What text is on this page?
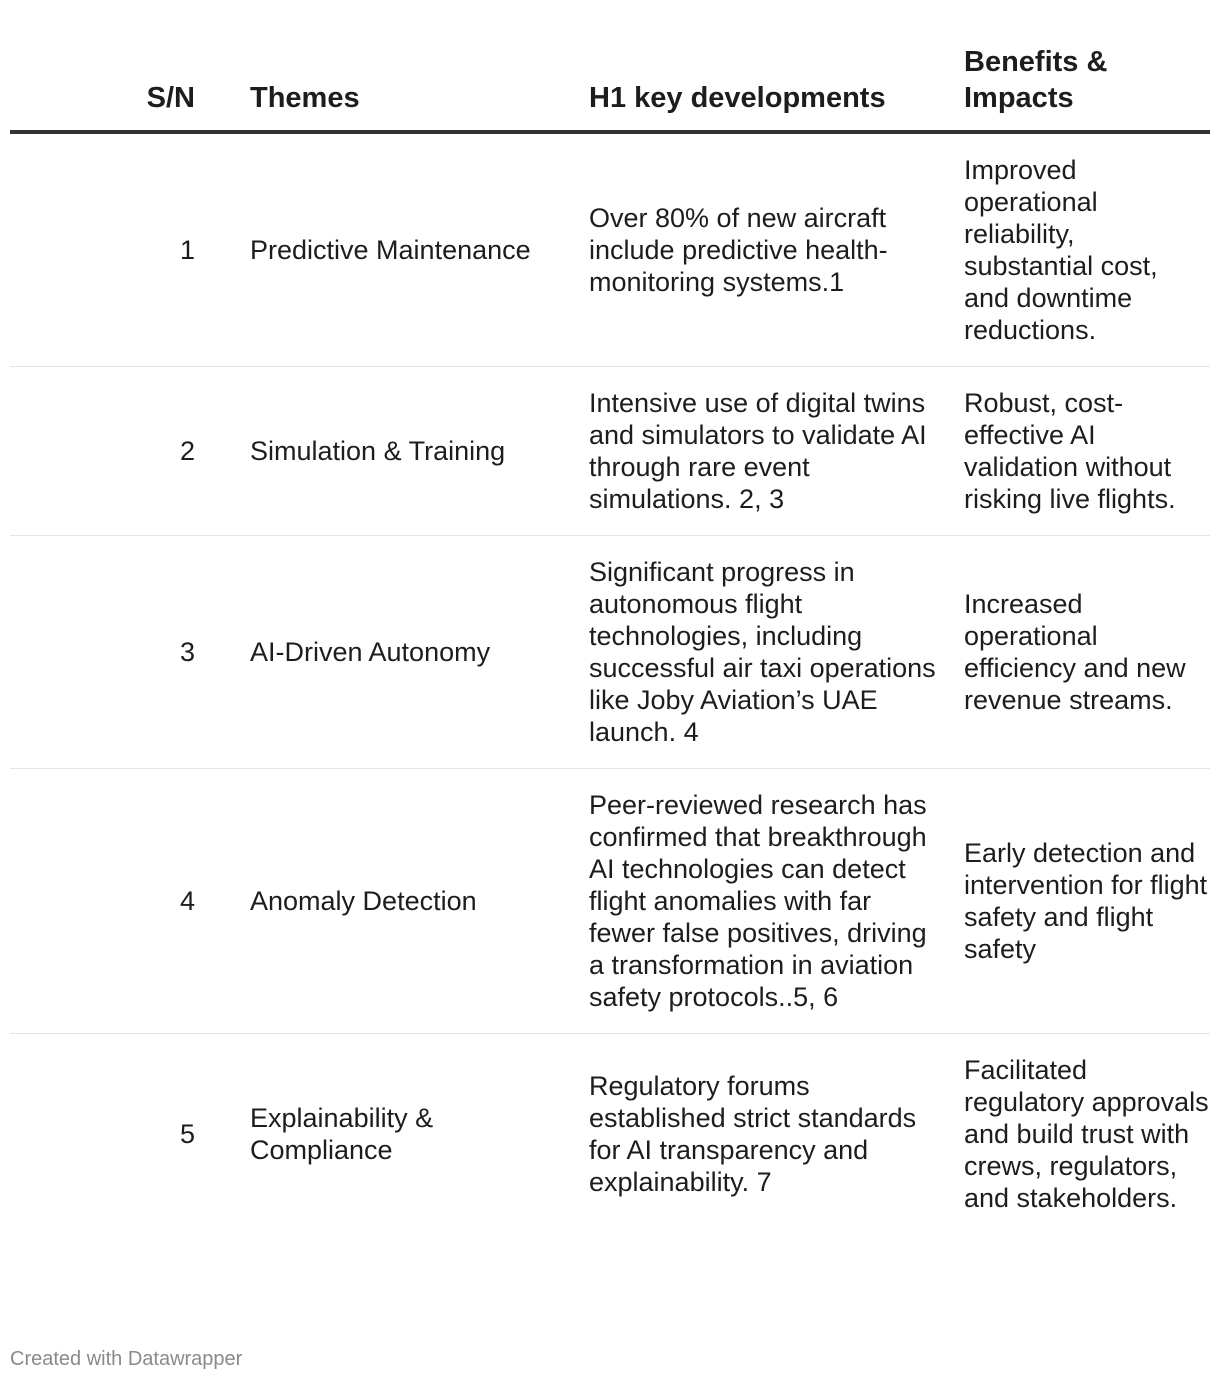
S/N	Themes	H1 key developments	Benefits & Impacts
1	Predictive Maintenance	Over 80% of new aircraft include predictive health-monitoring systems.1	Improved operational reliability, substantial cost, and downtime reductions.
2	Simulation & Training	Intensive use of digital twins and simulators to validate AI through rare event simulations. 2, 3	Robust, cost-effective AI validation without risking live flights.
3	AI-Driven Autonomy	Significant progress in autonomous flight technologies, including successful air taxi operations like Joby Aviation’s UAE launch. 4	Increased operational efficiency and new revenue streams.
4	Anomaly Detection	Peer-reviewed research has confirmed that breakthrough AI technologies can detect flight anomalies with far fewer false positives, driving a transformation in aviation safety protocols..5, 6	Early detection and intervention for flight safety and flight safety
5	Explainability & Compliance	Regulatory forums established strict standards for AI transparency and explainability. 7	Facilitated regulatory approvals and build trust with crews, regulators, and stakeholders.
Created with Datawrapper
